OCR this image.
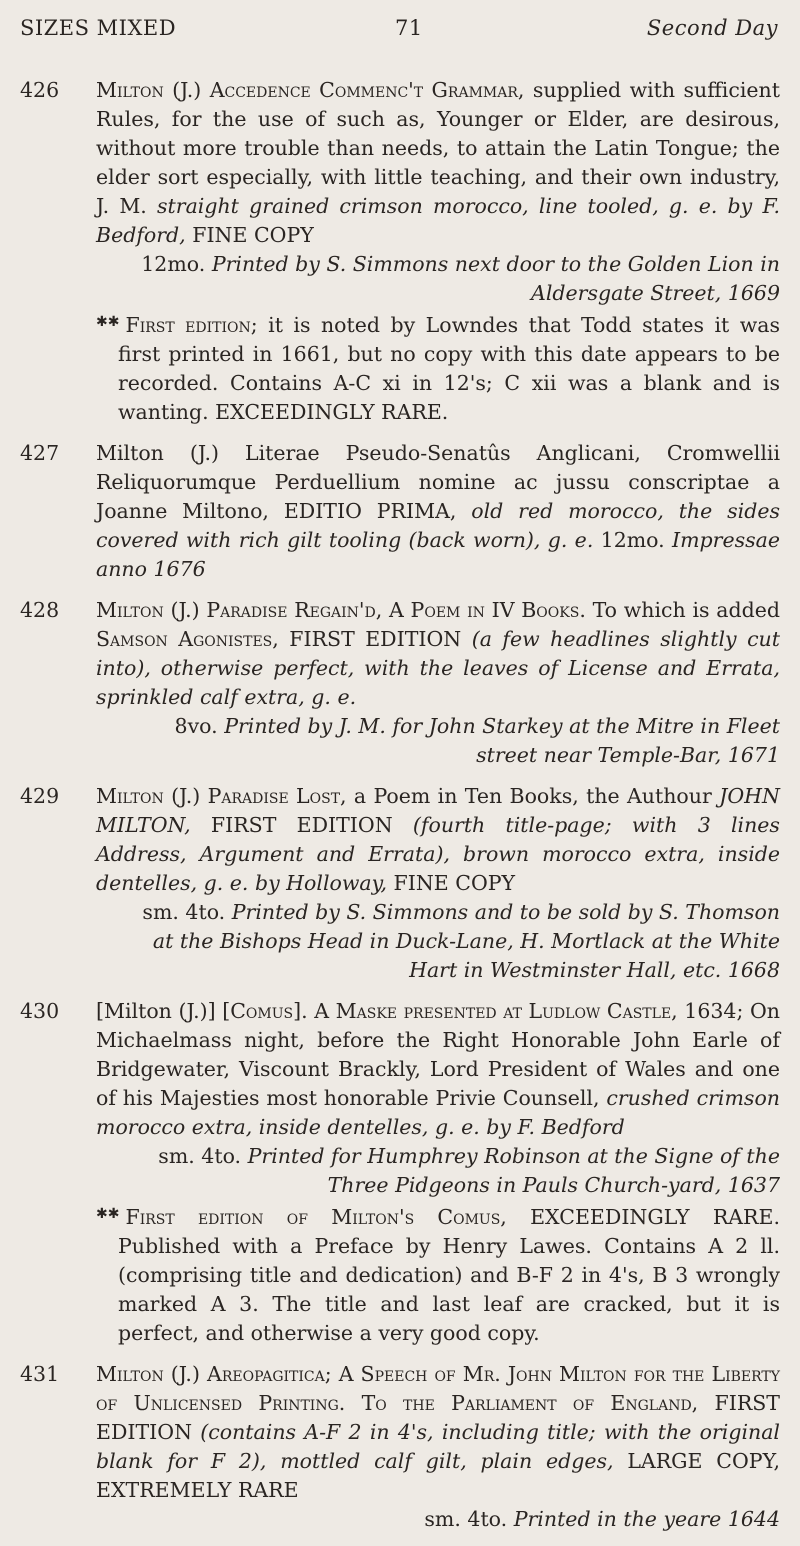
SIZES MIXED	71	Second Day
426 Milton (J.) Accedence Commenc't Grammar, supplied with sufficient Rules, for the use of such as, Younger or Elder, are desirous, without more trouble than needs, to attain the Latin Tongue; the elder sort especially, with little teaching, and their own industry, J. M. straight grained crimson morocco, line tooled, g. e. by F. Bedford, FINE COPY
12mo. Printed by S. Simmons next door to the Golden Lion in Aldersgate Street, 1669
✱✱ First edition; it is noted by Lowndes that Todd states it was first printed in 1661, but no copy with this date appears to be recorded. Contains A-C xi in 12's; C xii was a blank and is wanting. EXCEEDINGLY RARE.
427 Milton (J.) Literae Pseudo-Senatûs Anglicani, Cromwellii Reliquorumque Perduellium nomine ac jussu conscriptae a Joanne Miltono, EDITIO PRIMA, old red morocco, the sides covered with rich gilt tooling (back worn), g. e. 12mo. Impressae anno 1676
428 Milton (J.) Paradise Regain'd, A Poem in IV Books. To which is added Samson Agonistes, FIRST EDITION (a few headlines slightly cut into), otherwise perfect, with the leaves of License and Errata, sprinkled calf extra, g. e.
8vo. Printed by J. M. for John Starkey at the Mitre in Fleet street near Temple-Bar, 1671
429 Milton (J.) Paradise Lost, a Poem in Ten Books, the Authour JOHN MILTON, FIRST EDITION (fourth title-page; with 3 lines Address, Argument and Errata), brown morocco extra, inside dentelles, g. e. by Holloway, FINE COPY
sm. 4to. Printed by S. Simmons and to be sold by S. Thomson at the Bishops Head in Duck-Lane, H. Mortlack at the White Hart in Westminster Hall, etc. 1668
430 [Milton (J.)] [Comus]. A Maske presented at Ludlow Castle, 1634; On Michaelmass night, before the Right Honorable John Earle of Bridgewater, Viscount Brackly, Lord President of Wales and one of his Majesties most honorable Privie Counsell, crushed crimson morocco extra, inside dentelles, g. e. by F. Bedford
sm. 4to. Printed for Humphrey Robinson at the Signe of the Three Pidgeons in Pauls Church-yard, 1637
✱✱ First edition of Milton's Comus, EXCEEDINGLY RARE. Published with a Preface by Henry Lawes. Contains A 2 ll. (comprising title and dedication) and B-F 2 in 4's, B 3 wrongly marked A 3. The title and last leaf are cracked, but it is perfect, and otherwise a very good copy.
431 Milton (J.) Areopagitica; A Speech of Mr. John Milton for the Liberty of Unlicensed Printing. To the Parliament of England, FIRST EDITION (contains A-F 2 in 4's, including title; with the original blank for F 2), mottled calf gilt, plain edges, LARGE COPY, EXTREMELY RARE
sm. 4to. Printed in the yeare 1644
